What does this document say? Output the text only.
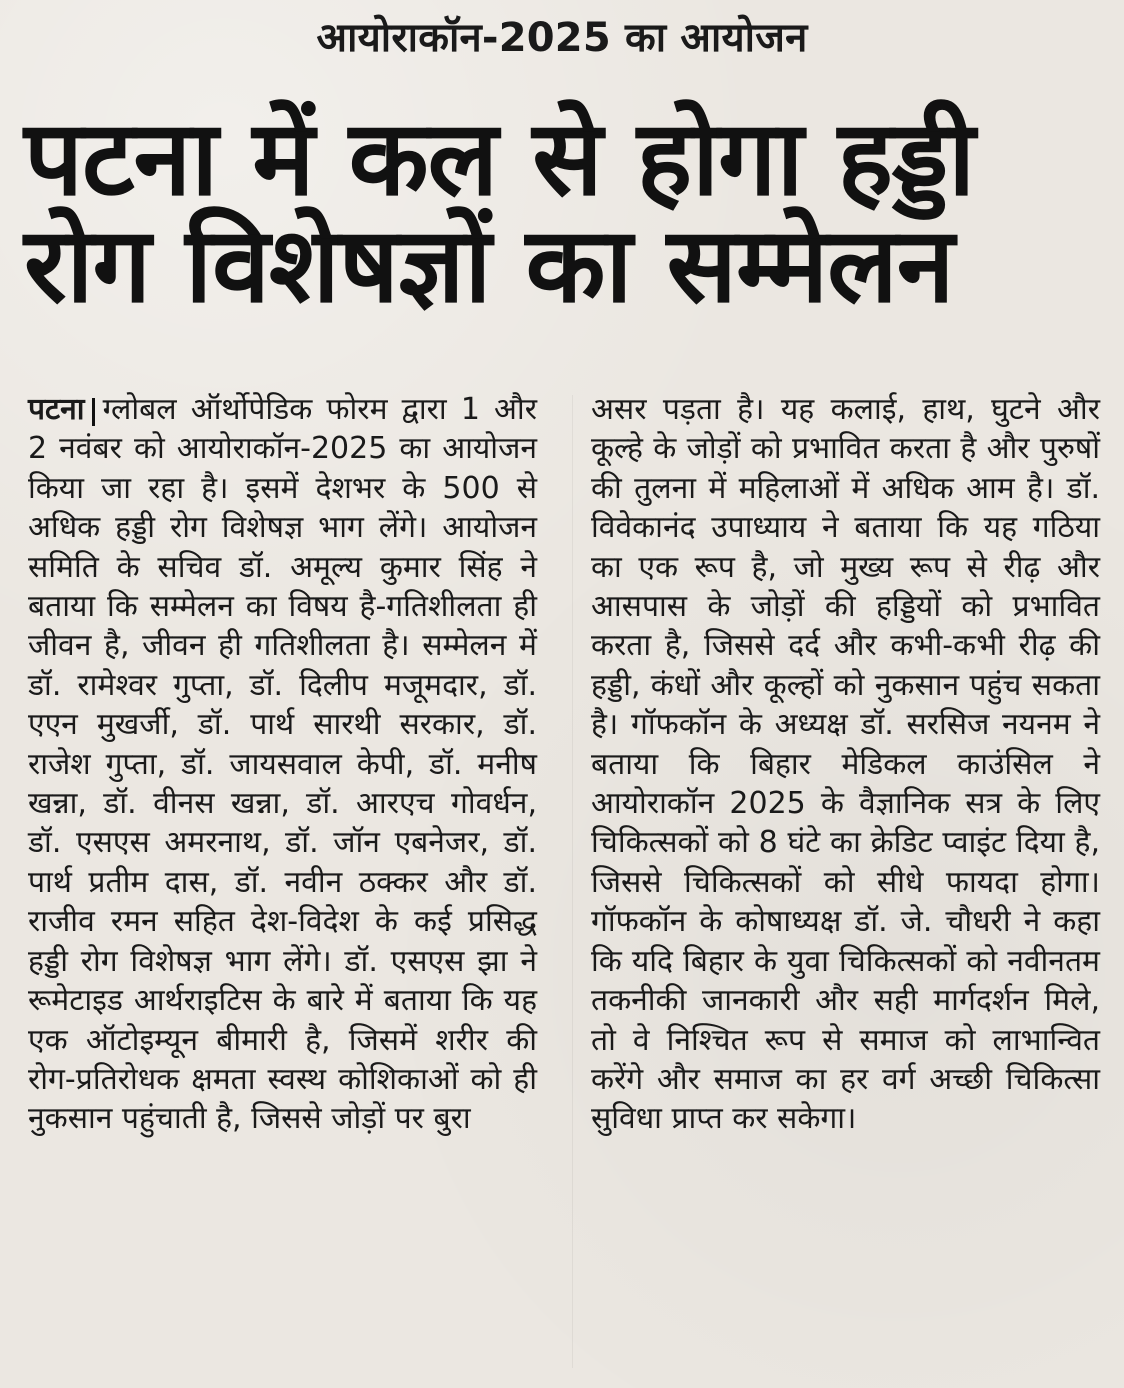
आयोराकॉन-2025 का आयोजन
पटना में कल से होगा हड्डी
रोग विशेषज्ञों का सम्मेलन
पटना ग्लोबल ऑर्थोपेडिक फोरम द्वारा 1 और 2 नवंबर को आयोराकॉन-2025 का आयोजन किया जा रहा है। इसमें देशभर के 500 से अधिक हड्डी रोग विशेषज्ञ भाग लेंगे। आयोजन समिति के सचिव डॉ. अमूल्य कुमार सिंह ने बताया कि सम्मेलन का विषय है-गतिशीलता ही जीवन है, जीवन ही गतिशीलता है। सम्मेलन में डॉ. रामेश्वर गुप्ता, डॉ. दिलीप मजूमदार, डॉ. एएन मुखर्जी, डॉ. पार्थ सारथी सरकार, डॉ. राजेश गुप्ता, डॉ. जायसवाल केपी, डॉ. मनीष खन्ना, डॉ. वीनस खन्ना, डॉ. आरएच गोवर्धन, डॉ. एसएस अमरनाथ, डॉ. जॉन एबनेजर, डॉ. पार्थ प्रतीम दास, डॉ. नवीन ठक्कर और डॉ. राजीव रमन सहित देश-विदेश के कई प्रसिद्ध हड्डी रोग विशेषज्ञ भाग लेंगे। डॉ. एसएस झा ने रूमेटाइड आर्थराइटिस के बारे में बताया कि यह एक ऑटोइम्यून बीमारी है, जिसमें शरीर की रोग-प्रतिरोधक क्षमता स्वस्थ कोशिकाओं को ही नुकसान पहुंचाती है, जिससे जोड़ों पर बुरा
असर पड़ता है। यह कलाई, हाथ, घुटने और कूल्हे के जोड़ों को प्रभावित करता है और पुरुषों की तुलना में महिलाओं में अधिक आम है। डॉ. विवेकानंद उपाध्याय ने बताया कि यह गठिया का एक रूप है, जो मुख्य रूप से रीढ़ और आसपास के जोड़ों की हड्डियों को प्रभावित करता है, जिससे दर्द और कभी-कभी रीढ़ की हड्डी, कंधों और कूल्हों को नुकसान पहुंच सकता है। गॉफकॉन के अध्यक्ष डॉ. सरसिज नयनम ने बताया कि बिहार मेडिकल काउंसिल ने आयोराकॉन 2025 के वैज्ञानिक सत्र के लिए चिकित्सकों को 8 घंटे का क्रेडिट प्वाइंट दिया है, जिससे चिकित्सकों को सीधे फायदा होगा। गॉफकॉन के कोषाध्यक्ष डॉ. जे. चौधरी ने कहा कि यदि बिहार के युवा चिकित्सकों को नवीनतम तकनीकी जानकारी और सही मार्गदर्शन मिले, तो वे निश्चित रूप से समाज को लाभान्वित करेंगे और समाज का हर वर्ग अच्छी चिकित्सा सुविधा प्राप्त कर सकेगा।
